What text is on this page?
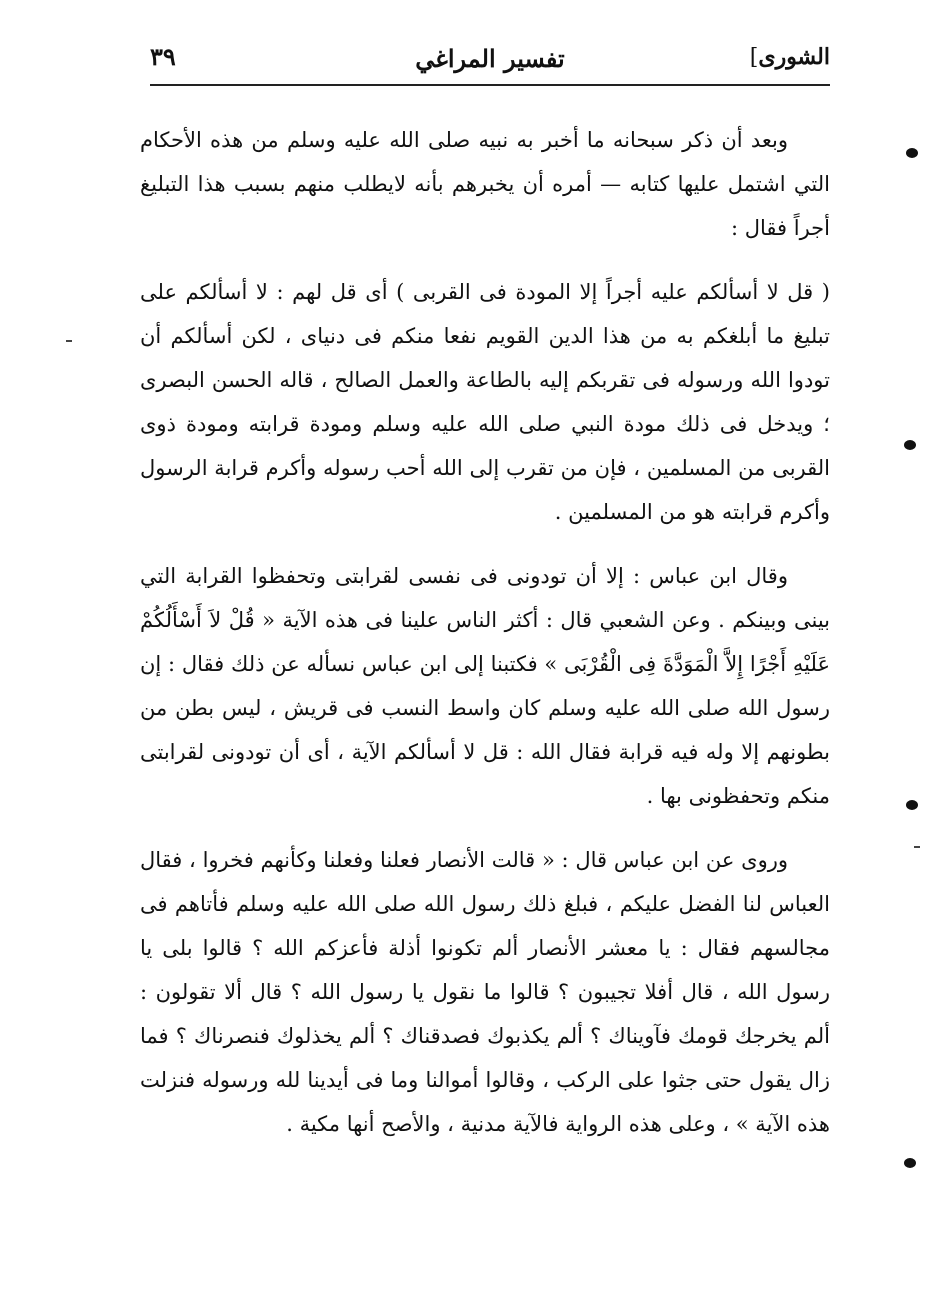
الشورى]
تفسير المراغي
٣٩

وبعد أن ذكر سبحانه ما أخبر به نبيه صلى الله عليه وسلم من هذه الأحكام التي اشتمل عليها كتابه — أمره أن يخبرهم بأنه لايطلب منهم بسبب هذا التبليغ أجراً فقال :

( قل لا أسألكم عليه أجراً إلا المودة فى القربى ) أى قل لهم : لا أسألكم على تبليغ ما أبلغكم به من هذا الدين القويم نفعا منكم فى دنياى ، لكن أسألكم أن تودوا الله ورسوله فى تقربكم إليه بالطاعة والعمل الصالح ، قاله الحسن البصرى ؛ ويدخل فى ذلك مودة النبي صلى الله عليه وسلم ومودة قرابته ومودة ذوى القربى من المسلمين ، فإن من تقرب إلى الله أحب رسوله وأكرم قرابة الرسول وأكرم قرابته هو من المسلمين .

وقال ابن عباس : إلا أن تودونى فى نفسى لقرابتى وتحفظوا القرابة التي بينى وبينكم . وعن الشعبي قال : أكثر الناس علينا فى هذه الآية « قُلْ لاَ أَسْأَلُكُمْ عَلَيْهِ أَجْرًا إِلاَّ الْمَوَدَّةَ فِى الْقُرْبَى » فكتبنا إلى ابن عباس نسأله عن ذلك فقال : إن رسول الله صلى الله عليه وسلم كان واسط النسب فى قريش ، ليس بطن من بطونهم إلا وله فيه قرابة فقال الله : قل لا أسألكم الآية ، أى أن تودونى لقرابتى منكم وتحفظونى بها .

وروى عن ابن عباس قال : « قالت الأنصار فعلنا وفعلنا وكأنهم فخروا ، فقال العباس لنا الفضل عليكم ، فبلغ ذلك رسول الله صلى الله عليه وسلم فأتاهم فى مجالسهم فقال : يا معشر الأنصار ألم تكونوا أذلة فأعزكم الله ؟ قالوا بلى يا رسول الله ، قال أفلا تجيبون ؟ قالوا ما نقول يا رسول الله ؟ قال ألا تقولون : ألم يخرجك قومك فآويناك ؟ ألم يكذبوك فصدقناك ؟ ألم يخذلوك فنصرناك ؟ فما زال يقول حتى جثوا على الركب ، وقالوا أموالنا وما فى أيدينا لله ورسوله فنزلت هذه الآية » ، وعلى هذه الرواية فالآية مدنية ، والأصح أنها مكية .
